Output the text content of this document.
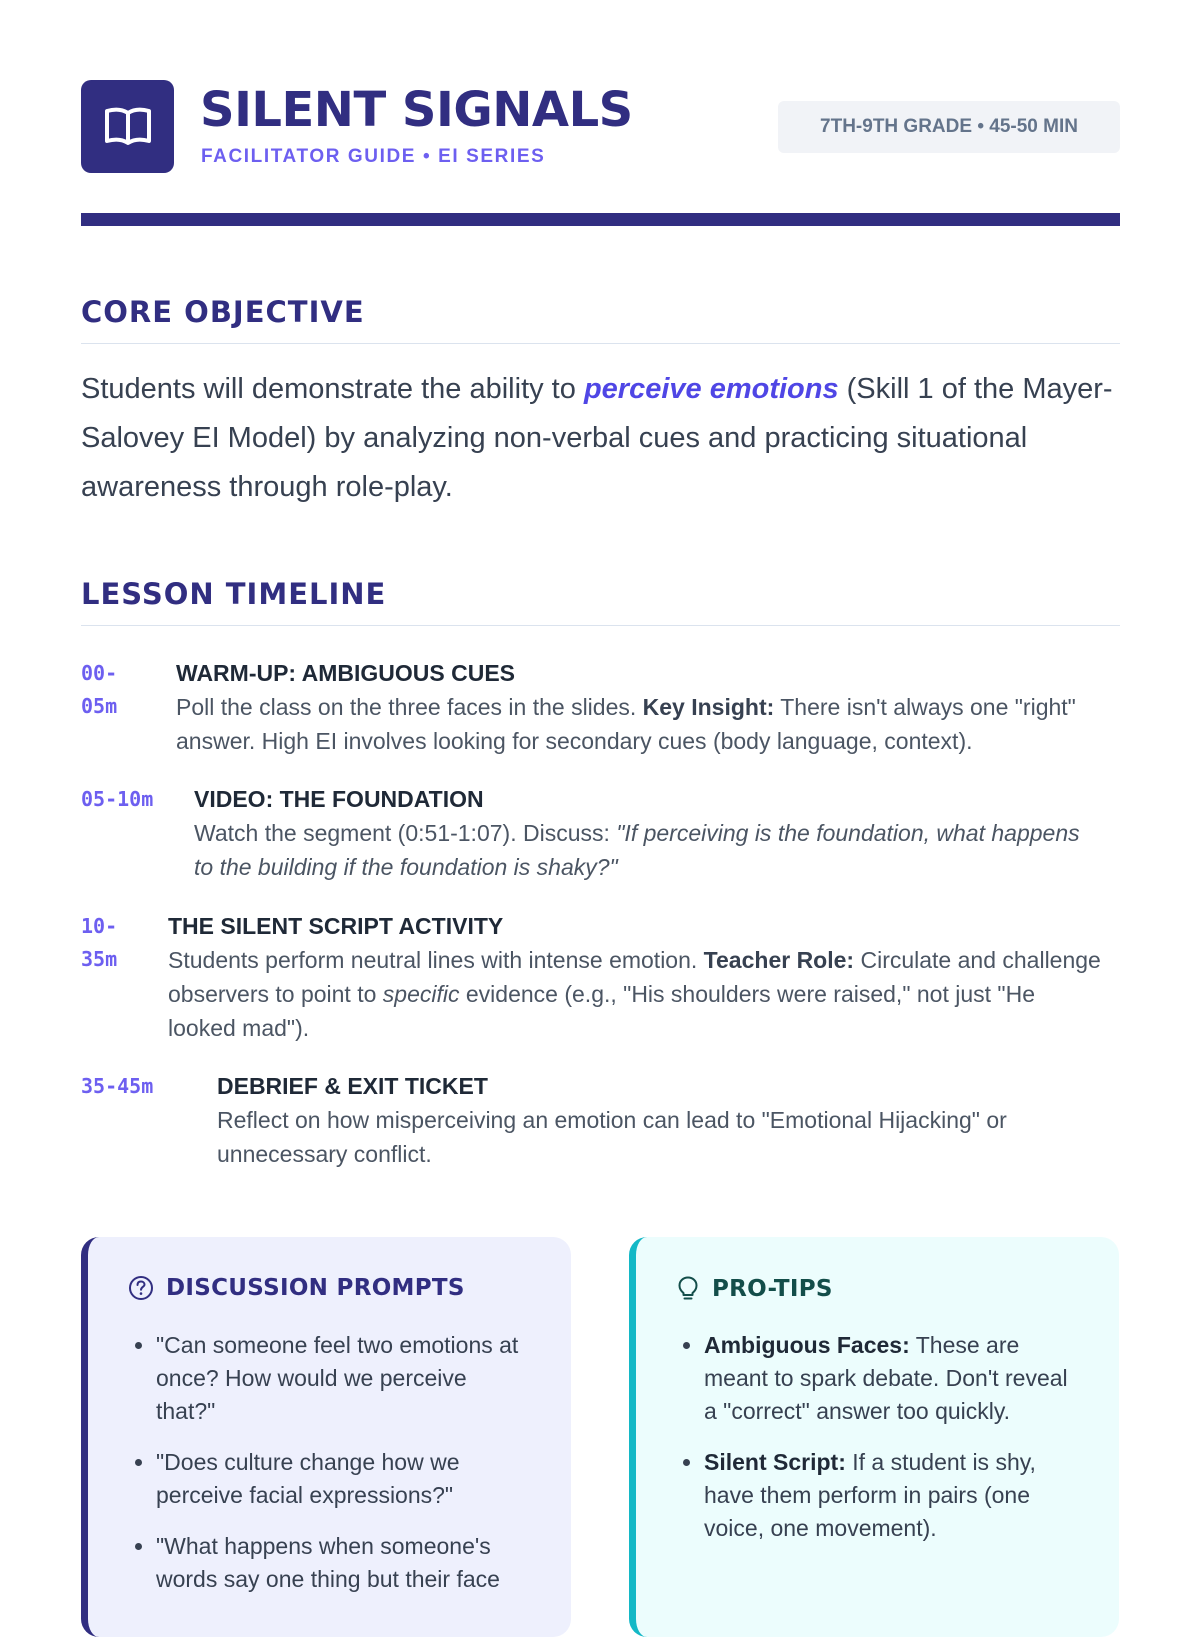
SILENT SIGNALS
FACILITATOR GUIDE • EI SERIES
7TH-9TH GRADE • 45-50 MIN
CORE OBJECTIVE
Students will demonstrate the ability to perceive emotions (Skill 1 of the Mayer-Salovey EI Model) by analyzing non-verbal cues and practicing situational awareness through role-play.
LESSON TIMELINE
00-05m
WARM-UP: AMBIGUOUS CUES
Poll the class on the three faces in the slides. Key Insight: There isn't always one "right" answer. High EI involves looking for secondary cues (body language, context).
05-10m VIDEO: THE FOUNDATION
Watch the segment (0:51-1:07). Discuss: "If perceiving is the foundation, what happens to the building if the foundation is shaky?"
10-35m
THE SILENT SCRIPT ACTIVITY
Students perform neutral lines with intense emotion. Teacher Role: Circulate and challenge observers to point to specific evidence (e.g., "His shoulders were raised," not just "He looked mad").
35-45m	DEBRIEF & EXIT TICKET
Reflect on how misperceiving an emotion can lead to "Emotional Hijacking" or unnecessary conflict.
DISCUSSION PROMPTS
• "Can someone feel two emotions at once? How would we perceive that?"
• "Does culture change how we perceive facial expressions?"
• "What happens when someone's words say one thing but their face
PRO-TIPS
• Ambiguous Faces: These are meant to spark debate. Don't reveal a "correct" answer too quickly.
• Silent Script: If a student is shy, have them perform in pairs (one voice, one movement).
